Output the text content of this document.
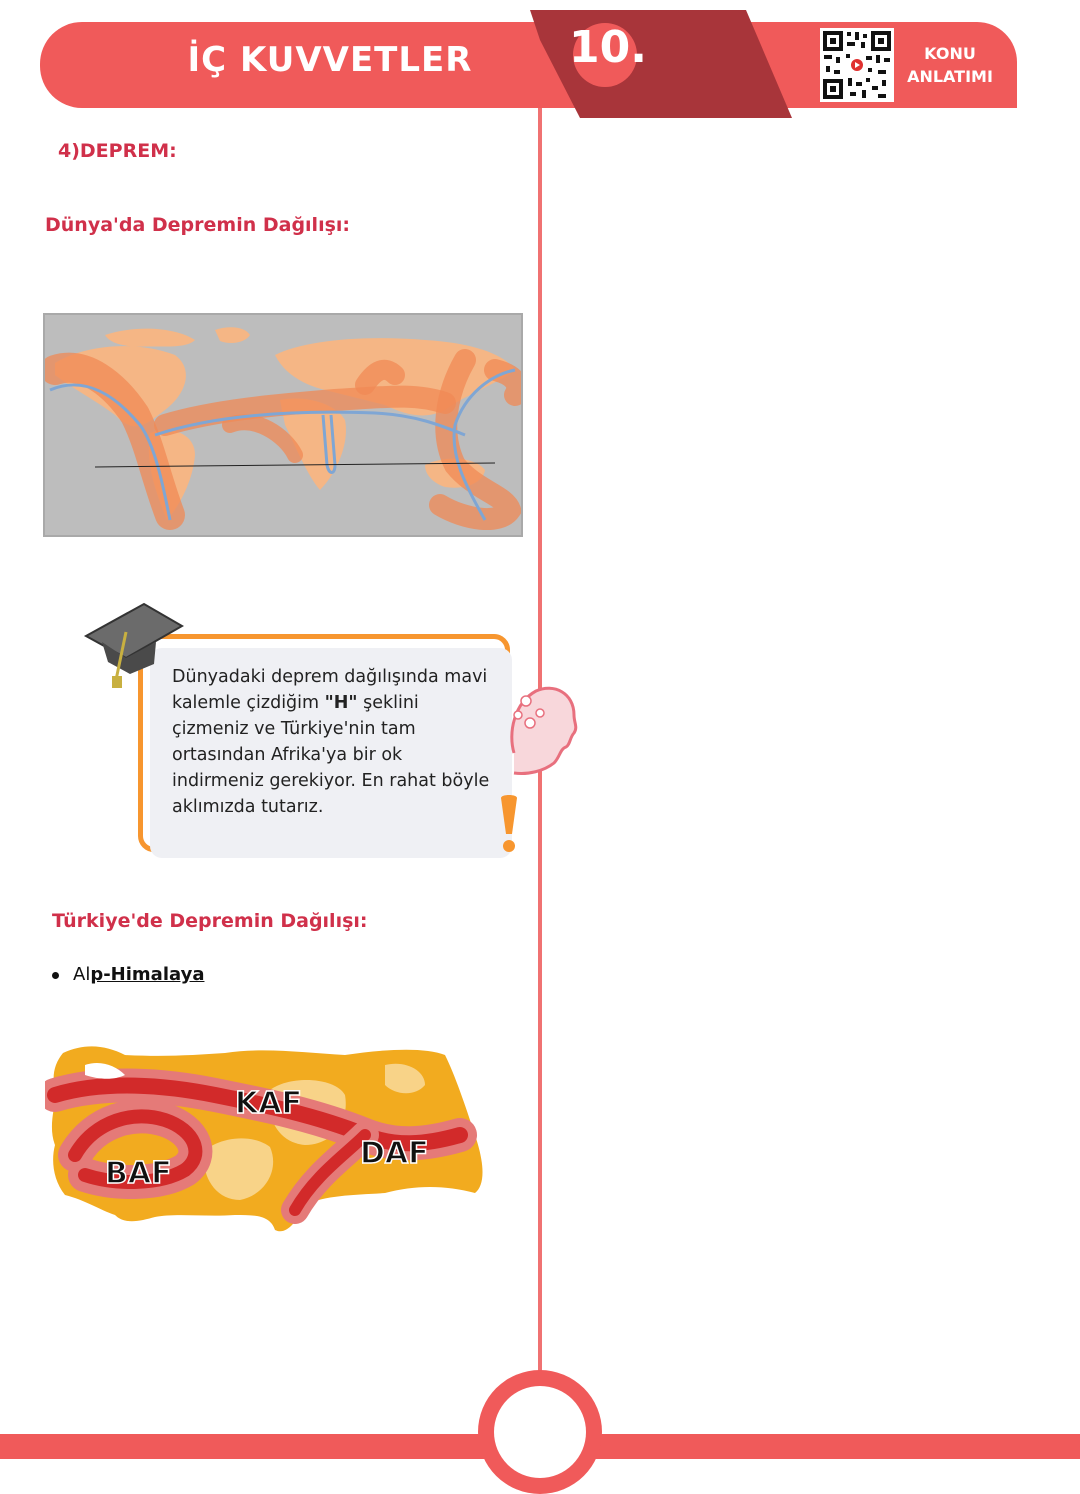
İÇ KUVVETLER	10.	KONU
ANLATIMI
4)DEPREM:
Dünya'da Depremin Dağılışı:
Dünyadaki deprem dağılışında mavi kalemle çizdiğim "H" şeklini çizmeniz ve Türkiye'nin tam ortasından Afrika'ya bir ok indirmeniz gerekiyor. En rahat böyle aklımızda tutarız.
Türkiye'de Depremin Dağılışı:
Alp-Himalaya
KAF
DAF
BAF
